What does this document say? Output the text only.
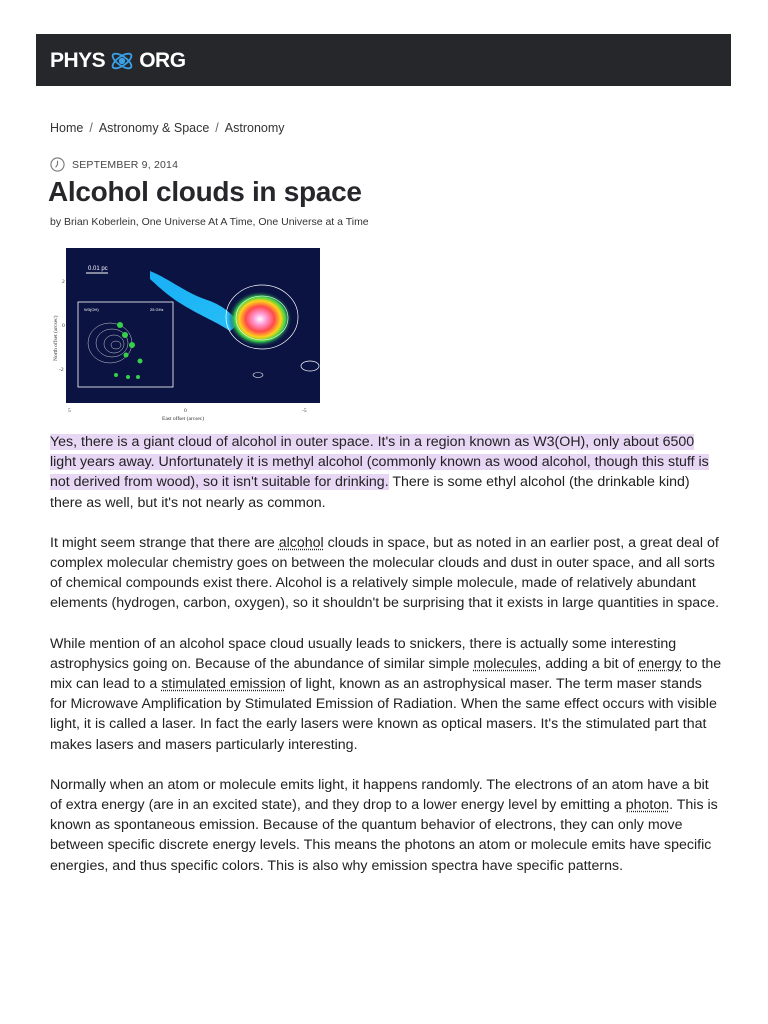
PHYS ORG
Home / Astronomy & Space / Astronomy
SEPTEMBER 9, 2014
Alcohol clouds in space
by Brian Koberlein, One Universe At A Time, One Universe at a Time
0.01 pc
W3(OH)	25 GHz
2
0
-2
5	0	-5
East offset (arcsec)
North offset (arcsec)

Yes, there is a giant cloud of alcohol in outer space. It's in a region known as W3(OH), only about 6500 light years away. Unfortunately it is methyl alcohol (commonly known as wood alcohol, though this stuff is not derived from wood), so it isn't suitable for drinking. There is some ethyl alcohol (the drinkable kind) there as well, but it's not nearly as common.

It might seem strange that there are alcohol clouds in space, but as noted in an earlier post, a great deal of complex molecular chemistry goes on between the molecular clouds and dust in outer space, and all sorts of chemical compounds exist there. Alcohol is a relatively simple molecule, made of relatively abundant elements (hydrogen, carbon, oxygen), so it shouldn't be surprising that it exists in large quantities in space.

While mention of an alcohol space cloud usually leads to snickers, there is actually some interesting astrophysics going on. Because of the abundance of similar simple molecules, adding a bit of energy to the mix can lead to a stimulated emission of light, known as an astrophysical maser. The term maser stands for Microwave Amplification by Stimulated Emission of Radiation. When the same effect occurs with visible light, it is called a laser. In fact the early lasers were known as optical masers. It's the stimulated part that makes lasers and masers particularly interesting.

Normally when an atom or molecule emits light, it happens randomly. The electrons of an atom have a bit of extra energy (are in an excited state), and they drop to a lower energy level by emitting a photon. This is known as spontaneous emission. Because of the quantum behavior of electrons, they can only move between specific discrete energy levels. This means the photons an atom or molecule emits have specific energies, and thus specific colors. This is also why emission spectra have specific patterns.
